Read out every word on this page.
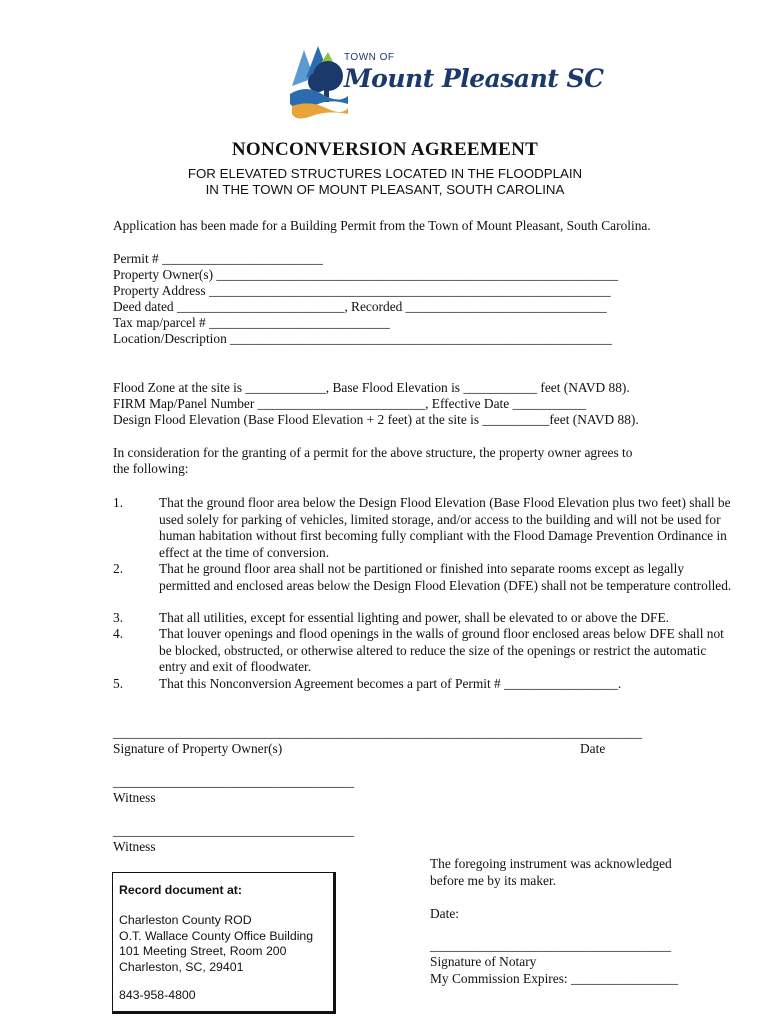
TOWN OF
Mount Pleasant SC
NONCONVERSION AGREEMENT
FOR ELEVATED STRUCTURES LOCATED IN THE FLOODPLAIN
IN THE TOWN OF MOUNT PLEASANT, SOUTH CAROLINA
Application has been made for a Building Permit from the Town of Mount Pleasant, South Carolina.
Permit # ________________________
Property Owner(s) ____________________________________________________________
Property Address ____________________________________________________________
Deed dated _________________________, Recorded ______________________________
Tax map/parcel # ___________________________
Location/Description _________________________________________________________
Flood Zone at the site is ____________, Base Flood Elevation is ___________ feet (NAVD 88).
FIRM Map/Panel Number _________________________, Effective Date ___________
Design Flood Elevation (Base Flood Elevation + 2 feet) at the site is __________feet (NAVD 88).
In consideration for the granting of a permit for the above structure, the property owner agrees to
the following:
1.	That the ground floor area below the Design Flood Elevation (Base Flood Elevation plus two feet) shall be used solely for parking of vehicles, limited storage, and/or access to the building and will not be used for human habitation without first becoming fully compliant with the Flood Damage Prevention Ordinance in effect at the time of conversion.
2.	That he ground floor area shall not be partitioned or finished into separate rooms except as legally permitted and enclosed areas below the Design Flood Elevation (DFE) shall not be temperature controlled.
3.	That all utilities, except for essential lighting and power, shall be elevated to or above the DFE.
4.	That louver openings and flood openings in the walls of ground floor enclosed areas below DFE shall not be blocked, obstructed, or otherwise altered to reduce the size of the openings or restrict the automatic entry and exit of floodwater.
5.	That this Nonconversion Agreement becomes a part of Permit # _________________.
_______________________________________________________________________________
Signature of Property Owner(s)	Date
____________________________________
Witness
____________________________________
Witness
Record document at:
Charleston County ROD
O.T. Wallace County Office Building
101 Meeting Street, Room 200
Charleston, SC, 29401
843-958-4800
The foregoing instrument was acknowledged
before me by its maker.
Date:
____________________________________
Signature of Notary
My Commission Expires: ________________
